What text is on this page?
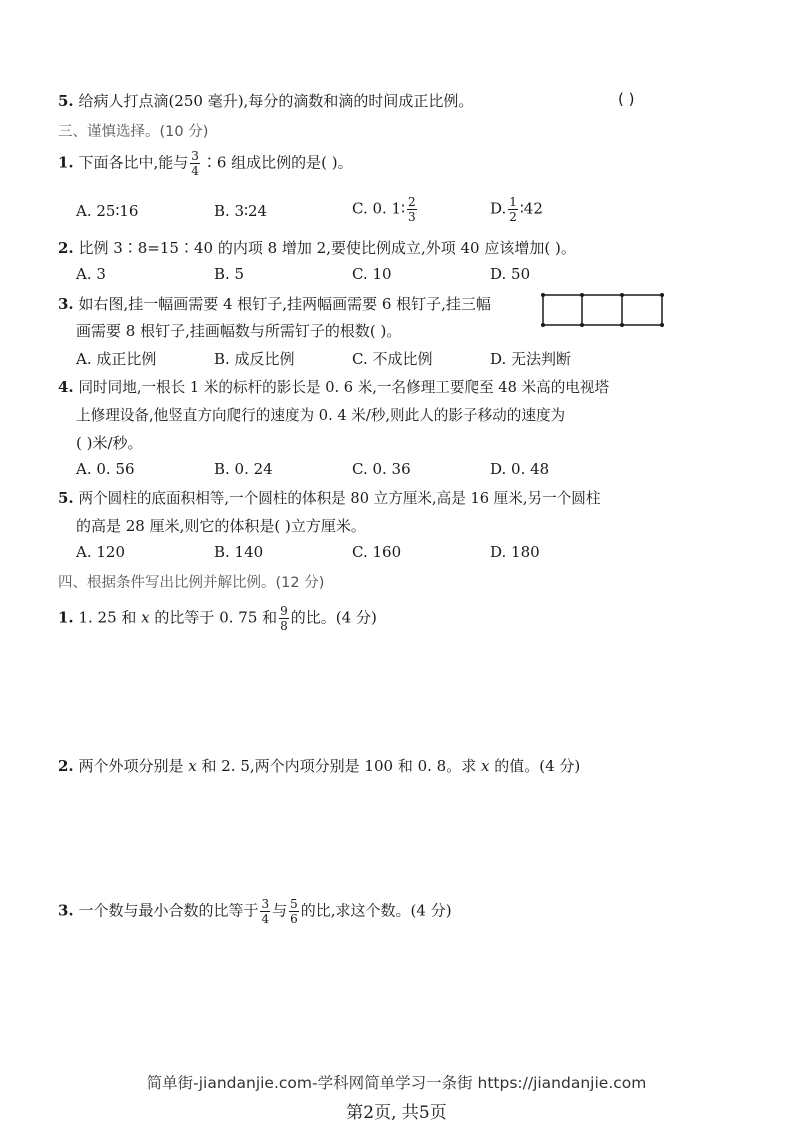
5. 给病人打点滴(250 毫升),每分的滴数和滴的时间成正比例。	( )
三、谨慎选择。(10 分)
1. 下面各比中,能与 $\frac{3}{4}$ ∶6 组成比例的是( )。
A. 25∶16	B. 3∶24	C. 0. 1∶ $\frac{2}{3}$	D. $\frac{1}{2}$ ∶42
2. 比例 3∶8=15∶40 的内项 8 增加 2,要使比例成立,外项 40 应该增加( )。
A. 3	B. 5	C. 10	D. 50
3. 如右图,挂一幅画需要 4 根钉子,挂两幅画需要 6 根钉子,挂三幅
画需要 8 根钉子,挂画幅数与所需钉子的根数( )。
A. 成正比例	B. 成反比例	C. 不成比例	D. 无法判断
4. 同时同地,一根长 1 米的标杆的影长是 0. 6 米,一名修理工要爬至 48 米高的电视塔
上修理设备,他竖直方向爬行的速度为 0. 4 米/秒,则此人的影子移动的速度为
( )米/秒。
A. 0. 56	B. 0. 24	C. 0. 36	D. 0. 48
5. 两个圆柱的底面积相等,一个圆柱的体积是 80 立方厘米,高是 16 厘米,另一个圆柱
的高是 28 厘米,则它的体积是( )立方厘米。
A. 120	B. 140	C. 160	D. 180
四、根据条件写出比例并解比例。(12 分)
1. 1. 25 和 x 的比等于 0. 75 和 $\frac{9}{8}$ 的比。(4 分)
2. 两个外项分别是 x 和 2. 5,两个内项分别是 100 和 0. 8。求 x 的值。(4 分)
3. 一个数与最小合数的比等于 $\frac{3}{4}$ 与 $\frac{5}{6}$ 的比,求这个数。(4 分)
简单街-jiandanjie.com-学科网简单学习一条街 https://jiandanjie.com
第2页, 共5页
